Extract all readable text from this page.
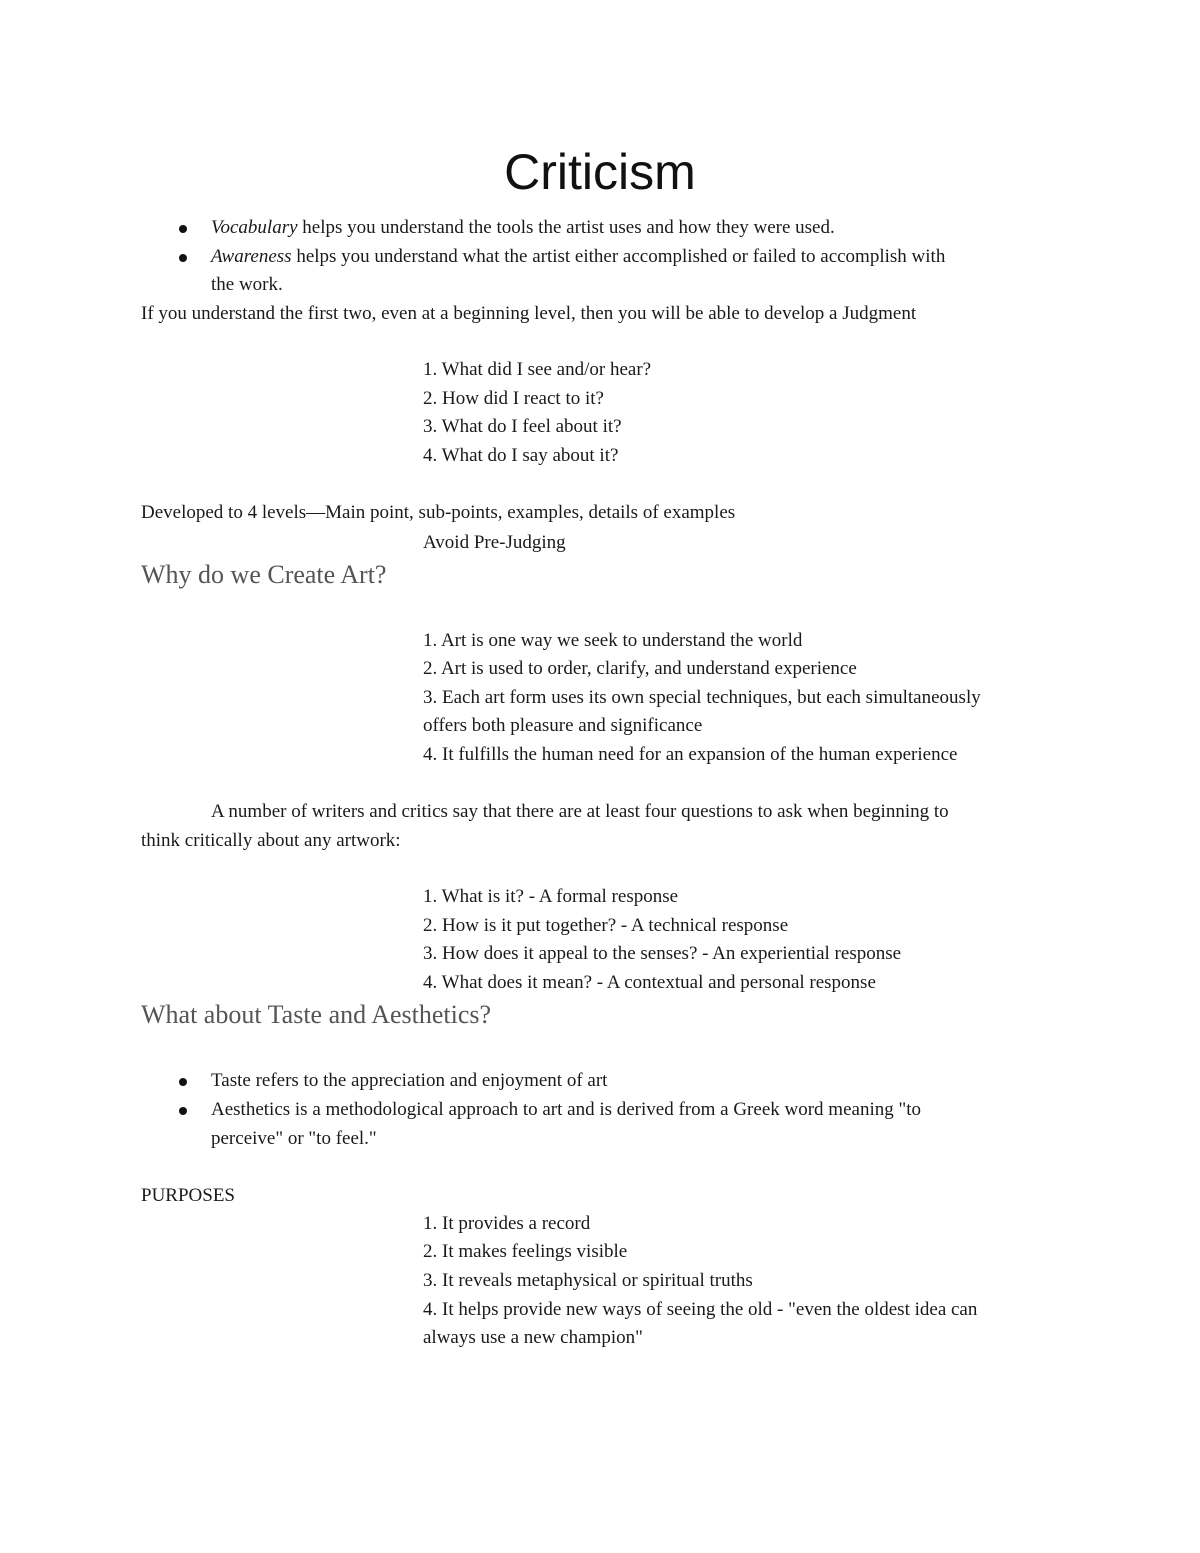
Criticism
Vocabulary helps you understand the tools the artist uses and how they were used.
Awareness helps you understand what the artist either accomplished or failed to accomplish with
the work.
If you understand the first two, even at a beginning level, then you will be able to develop a Judgment
1. What did I see and/or hear?
2. How did I react to it?
3. What do I feel about it?
4. What do I say about it?
Developed to 4 levels—Main point, sub-points, examples, details of examples
Avoid Pre-Judging
Why do we Create Art?
1. Art is one way we seek to understand the world
2. Art is used to order, clarify, and understand experience
3. Each art form uses its own special techniques, but each simultaneously
offers both pleasure and significance
4. It fulfills the human need for an expansion of the human experience
A number of writers and critics say that there are at least four questions to ask when beginning to
think critically about any artwork:
1. What is it? - A formal response
2. How is it put together? - A technical response
3. How does it appeal to the senses? - An experiential response
4. What does it mean? - A contextual and personal response
What about Taste and Aesthetics?
Taste refers to the appreciation and enjoyment of art
Aesthetics is a methodological approach to art and is derived from a Greek word meaning "to
perceive" or "to feel."
PURPOSES
1. It provides a record
2. It makes feelings visible
3. It reveals metaphysical or spiritual truths
4. It helps provide new ways of seeing the old - "even the oldest idea can
always use a new champion"
